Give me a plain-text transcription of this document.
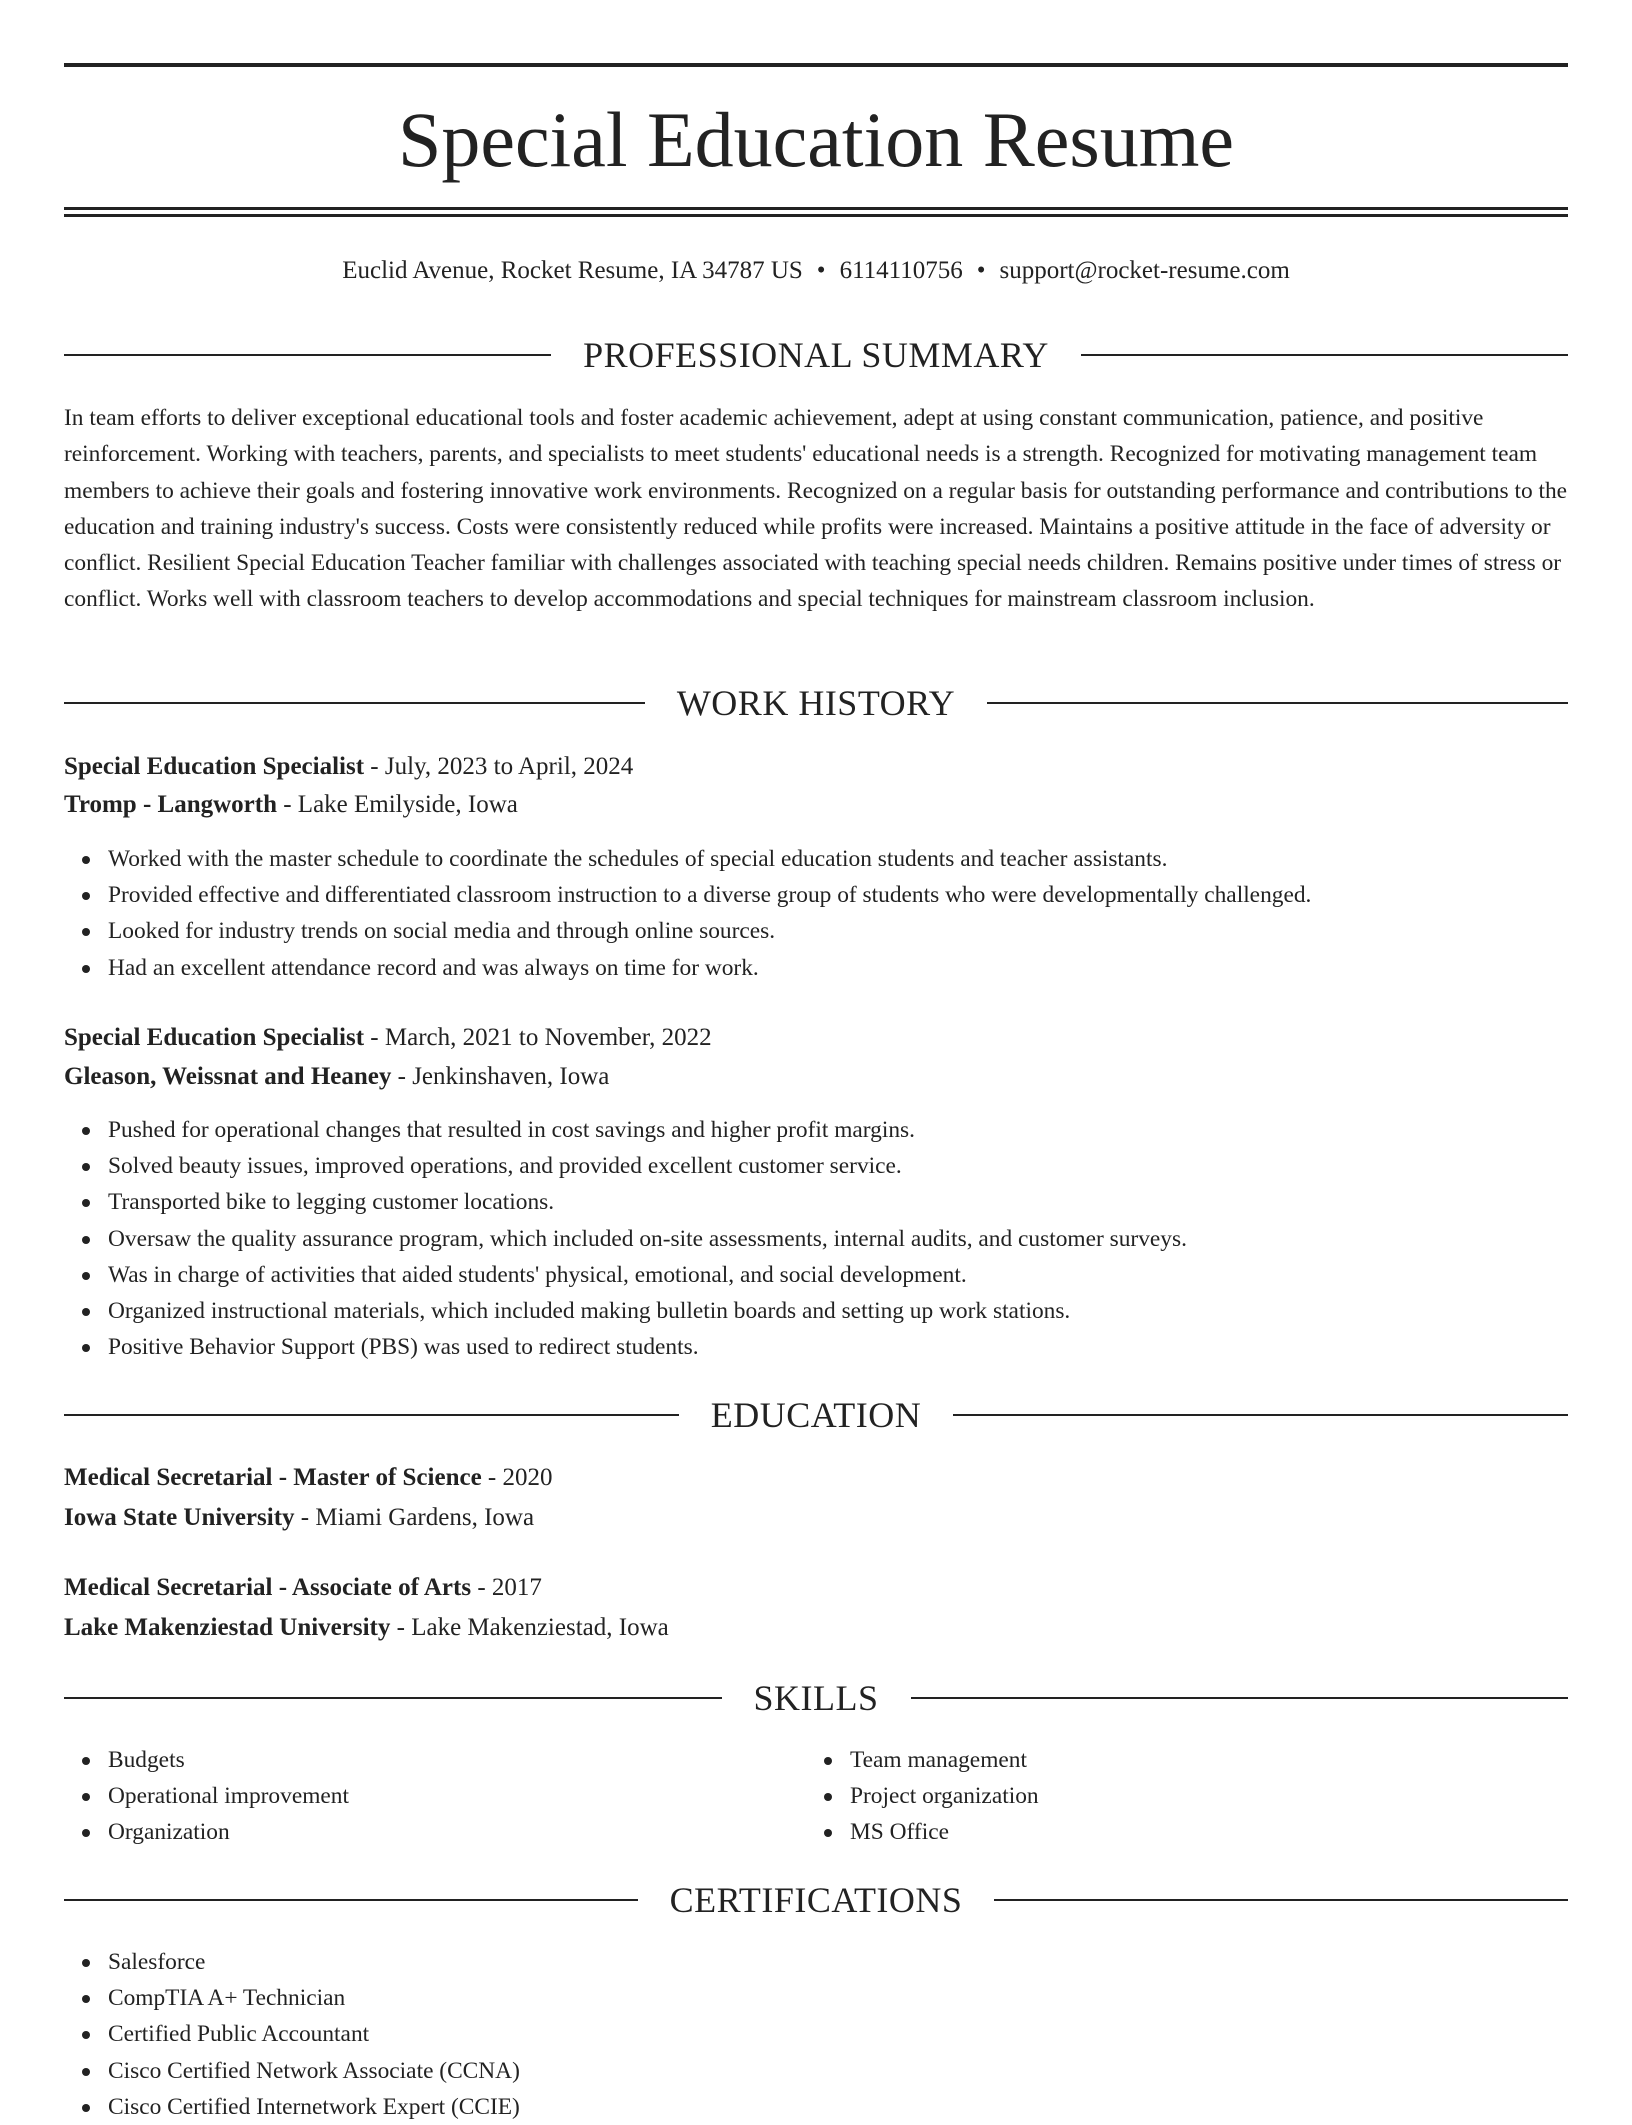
Special Education Resume
Euclid Avenue, Rocket Resume, IA 34787 US • 6114110756 • support@rocket-resume.com
PROFESSIONAL SUMMARY

In team efforts to deliver exceptional educational tools and foster academic achievement, adept at using constant communication, patience, and positive reinforcement. Working with teachers, parents, and specialists to meet students' educational needs is a strength. Recognized for motivating management team members to achieve their goals and fostering innovative work environments. Recognized on a regular basis for outstanding performance and contributions to the education and training industry's success. Costs were consistently reduced while profits were increased. Maintains a positive attitude in the face of adversity or conflict. Resilient Special Education Teacher familiar with challenges associated with teaching special needs children. Remains positive under times of stress or conflict. Works well with classroom teachers to develop accommodations and special techniques for mainstream classroom inclusion.

WORK HISTORY
Special Education Specialist - July, 2023 to April, 2024
Tromp - Langworth - Lake Emilyside, Iowa
Worked with the master schedule to coordinate the schedules of special education students and teacher assistants.
Provided effective and differentiated classroom instruction to a diverse group of students who were developmentally challenged.
Looked for industry trends on social media and through online sources.
Had an excellent attendance record and was always on time for work.
Special Education Specialist - March, 2021 to November, 2022
Gleason, Weissnat and Heaney - Jenkinshaven, Iowa
Pushed for operational changes that resulted in cost savings and higher profit margins.
Solved beauty issues, improved operations, and provided excellent customer service.
Transported bike to legging customer locations.
Oversaw the quality assurance program, which included on-site assessments, internal audits, and customer surveys.
Was in charge of activities that aided students' physical, emotional, and social development.
Organized instructional materials, which included making bulletin boards and setting up work stations.
Positive Behavior Support (PBS) was used to redirect students.
EDUCATION
Medical Secretarial - Master of Science - 2020
Iowa State University - Miami Gardens, Iowa
Medical Secretarial - Associate of Arts - 2017
Lake Makenziestad University - Lake Makenziestad, Iowa
SKILLS
Budgets
Operational improvement
Organization
Team management
Project organization
MS Office
CERTIFICATIONS
Salesforce
CompTIA A+ Technician
Certified Public Accountant
Cisco Certified Network Associate (CCNA)
Cisco Certified Internetwork Expert (CCIE)
